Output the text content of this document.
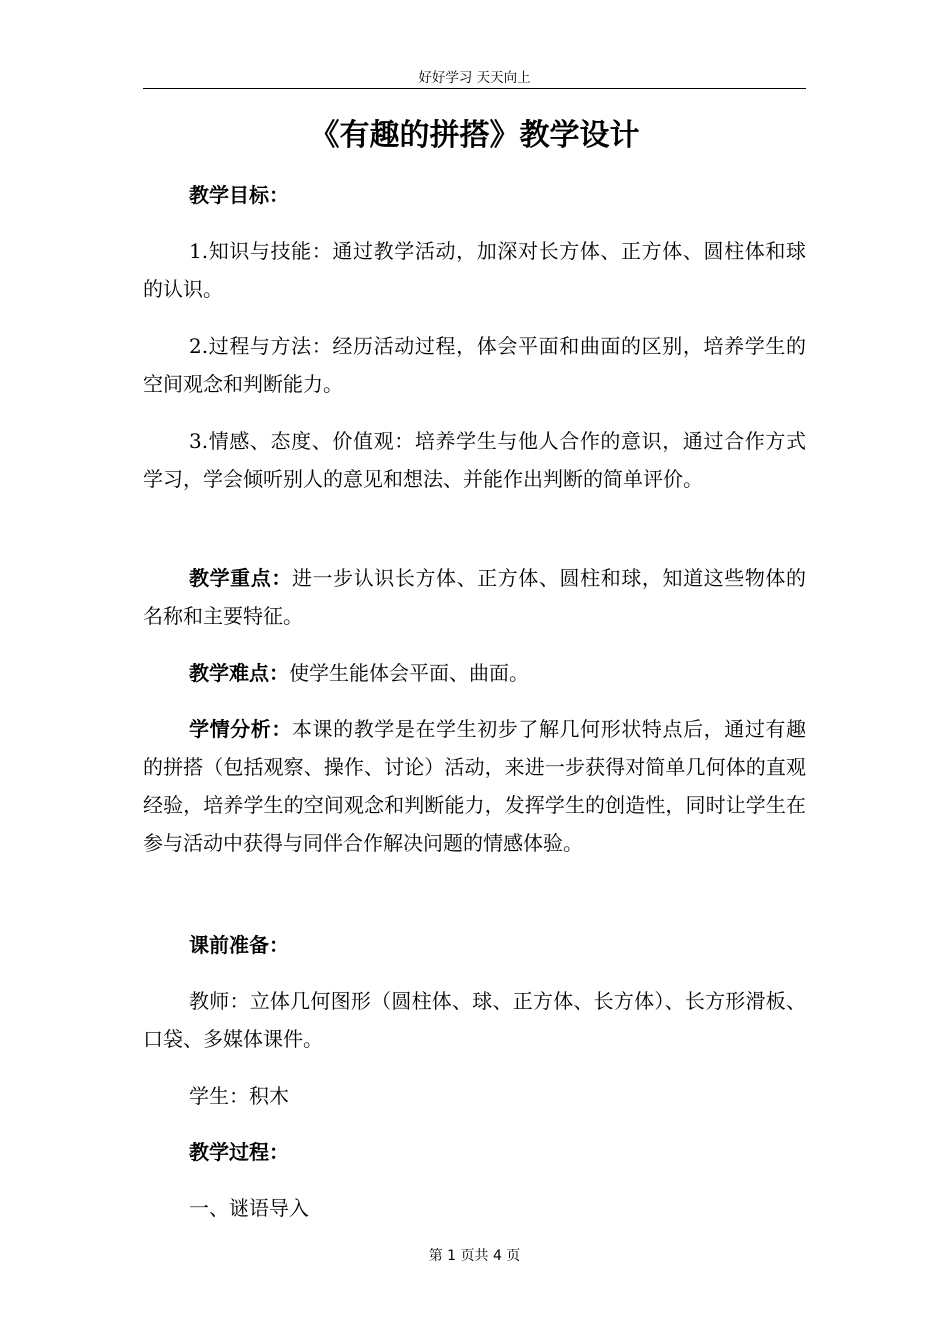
好好学习 天天向上
《有趣的拼搭》教学设计

教学目标：

1.知识与技能：通过教学活动，加深对长方体、正方体、圆柱体和球的认识。

2.过程与方法：经历活动过程，体会平面和曲面的区别，培养学生的空间观念和判断能力。

3.情感、态度、价值观：培养学生与他人合作的意识，通过合作方式学习，学会倾听别人的意见和想法、并能作出判断的简单评价。

教学重点：进一步认识长方体、正方体、圆柱和球，知道这些物体的名称和主要特征。

教学难点：使学生能体会平面、曲面。

学情分析：本课的教学是在学生初步了解几何形状特点后，通过有趣的拼搭（包括观察、操作、讨论）活动，来进一步获得对简单几何体的直观经验，培养学生的空间观念和判断能力，发挥学生的创造性，同时让学生在参与活动中获得与同伴合作解决问题的情感体验。

课前准备：

教师：立体几何图形（圆柱体、球、正方体、长方体）、长方形滑板、口袋、多媒体课件。

学生：积木

教学过程：

一、谜语导入

第 1 页共 4 页
